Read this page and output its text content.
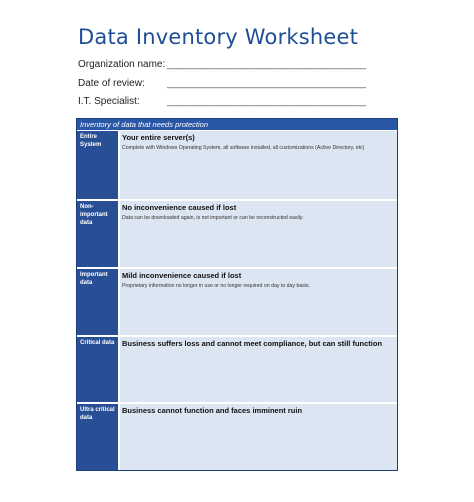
Data Inventory Worksheet
Organization name: ________________________________________
Date of review: ________________________________________
I.T. Specialist:	________________________________________
Inventory of data that needs protection
Entire System
Your entire server(s)
Complete with Windows Operating System, all software installed, all customizations (Active Directory, etc)
Non-important data
No inconvenience caused if lost
Data can be downloaded again, is not important or can be reconstructed easily.
Important data
Mild inconvenience caused if lost
Proprietary information no longer in use or no longer required on day to day basis.
Critical data	Business suffers loss and cannot meet compliance, but can still function
Ultra critical data
Business cannot function and faces imminent ruin
